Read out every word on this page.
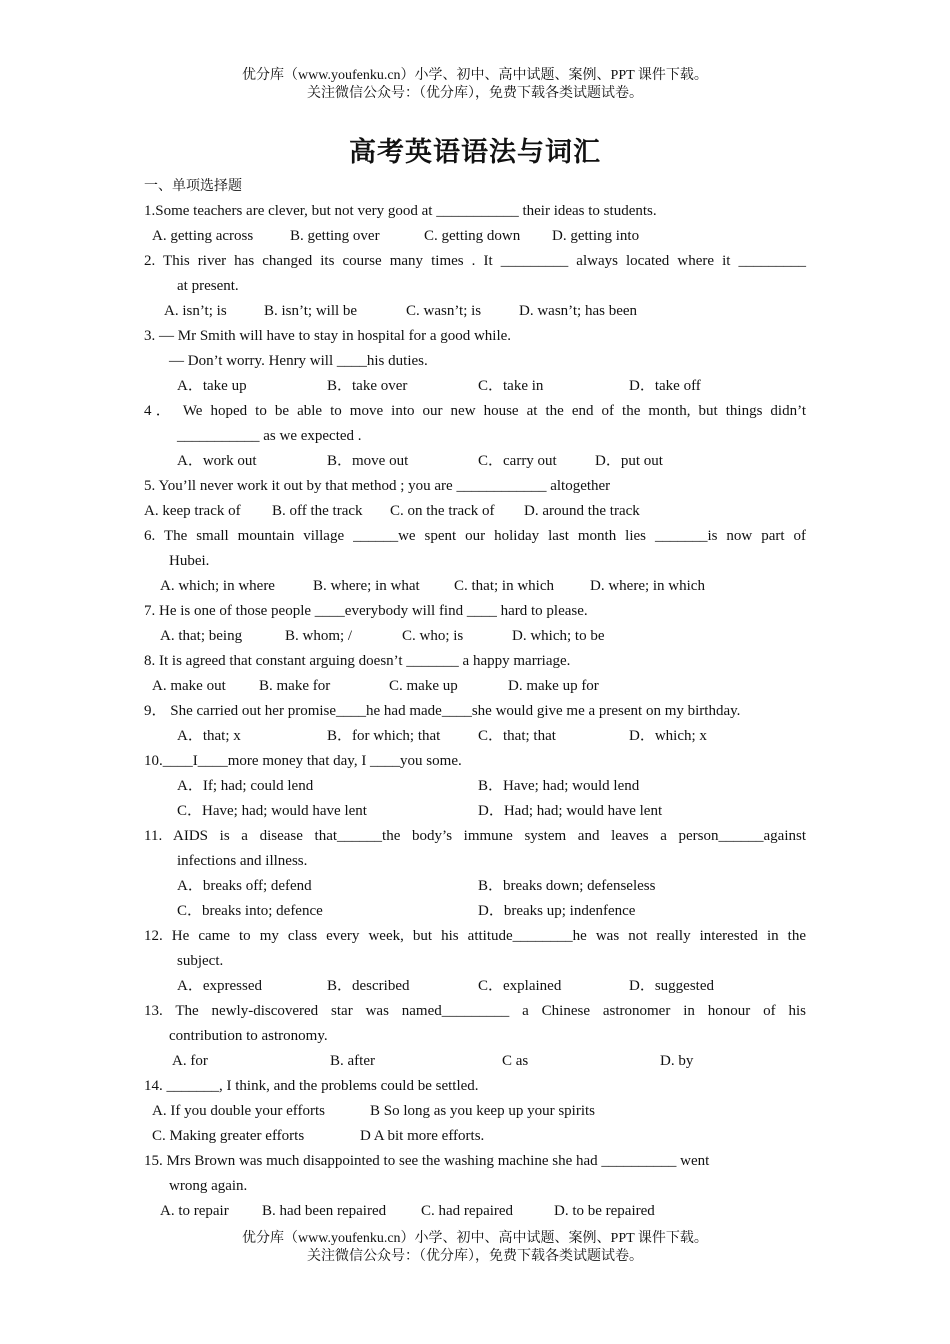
优分库（www.youfenku.cn）小学、初中、高中试题、案例、PPT 课件下载。
关注微信公众号：（优分库），免费下载各类试题试卷。
高考英语语法与词汇
一、单项选择题
1.Some teachers are clever, but not very good at ___________ their ideas to students.
A. getting across B. getting over	C. getting down D. getting into
2. This river has changed its course many times . It _________ always located where it _________
at present.
A. isn’t; is B. isn’t; will be	C. wasn’t; is	D. wasn’t; has been
3. — Mr Smith will have to stay in hospital for a good while.
— Don’t worry. Henry will ____his duties.
A．take up	B．take over	C．take in	D．take off
4． We hoped to be able to move into our new house at the end of the month, but things didn’t
___________ as we expected .
A．work out	B．move out	C．carry out	D．put out
5. You’ll never work it out by that method ; you are ____________ altogether
A. keep track of B. off the track C. on the track of D. around the track
6. The small mountain village ______we spent our holiday last month lies _______is now part of
Hubei.
A. which; in where	B. where; in what C. that; in which D. where; in which
7. He is one of those people ____everybody will find ____ hard to please.
A. that; being	B. whom; /	C. who; is	D. which; to be
8. It is agreed that constant arguing doesn’t _______ a happy marriage.
A. make out B. make for	C. make up	D. make up for
9． She carried out her promise____he had made____she would give me a present on my birthday.
A．that; x	B．for which; that	C．that; that	D．which; x
10.____I____more money that day, I ____you some.
A．If; had; could lend	B．Have; had; would lend
C．Have; had; would have lent	D．Had; had; would have lent
11. AIDS is a disease that______the body’s immune system and leaves a person______against
infections and illness.
A．breaks off; defend	B．breaks down; defenseless
C．breaks into; defence	D．breaks up; indenfence
12. He came to my class every week, but his attitude________he was not really interested in the
subject.
A．expressed	B．described	C．explained	D．suggested
13. The newly-discovered star was named_________ a Chinese astronomer in honour of his
contribution to astronomy.
A. for	B. after	C as	D. by
14. _______, I think, and the problems could be settled.
A. If you double your efforts	B So long as you keep up your spirits
C. Making greater efforts	D A bit more efforts.
15. Mrs Brown was much disappointed to see the washing machine she had __________ went
wrong again.
A. to repair B. had been repaired C. had repaired	D. to be repaired
优分库（www.youfenku.cn）小学、初中、高中试题、案例、PPT 课件下载。
关注微信公众号：（优分库），免费下载各类试题试卷。
